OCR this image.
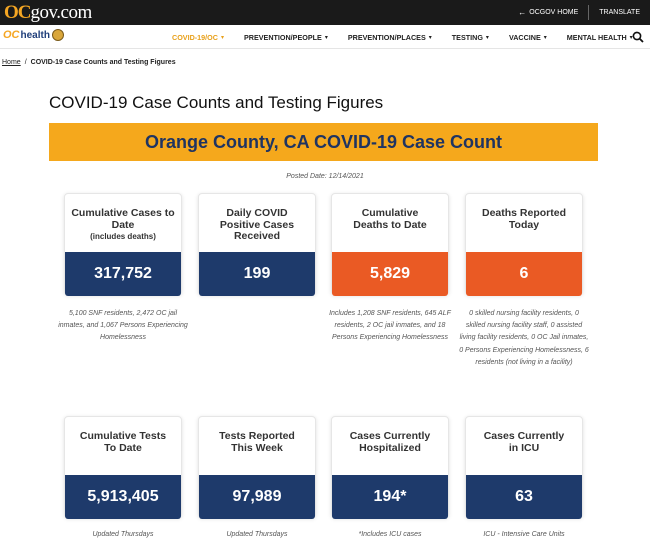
OC gov.com	← OCGOV HOME	TRANSLATE
OC health	COVID-19/OC ▾	PREVENTION/PEOPLE ▾	PREVENTION/PLACES ▾	TESTING ▾	VACCINE ▾	MENTAL HEALTH ▾
Home / COVID-19 Case Counts and Testing Figures
COVID-19 Case Counts and Testing Figures
Orange County, CA COVID-19 Case Count
Posted Date: 12/14/2021
Cumulative Cases to Date
(includes deaths)
317,752
5,100 SNF residents, 2,472 OC jail inmates, and 1,067 Persons Experiencing Homelessness
Daily COVID Positive Cases Received
199
Cumulative Deaths to Date
5,829
Includes 1,208 SNF residents, 645 ALF residents, 2 OC jail inmates, and 18 Persons Experiencing Homelessness
Deaths Reported Today
6
0 skilled nursing facility residents, 0 skilled nursing facility staff, 0 assisted living facility residents, 0 OC Jail inmates, 0 Persons Experiencing Homelessness, 6 residents (not living in a facility)
Cumulative Tests To Date
5,913,405
Updated Thursdays
Tests Reported This Week
97,989
Updated Thursdays
Cases Currently Hospitalized
194*
*Includes ICU cases
Cases Currently in ICU
63
ICU - Intensive Care Units
